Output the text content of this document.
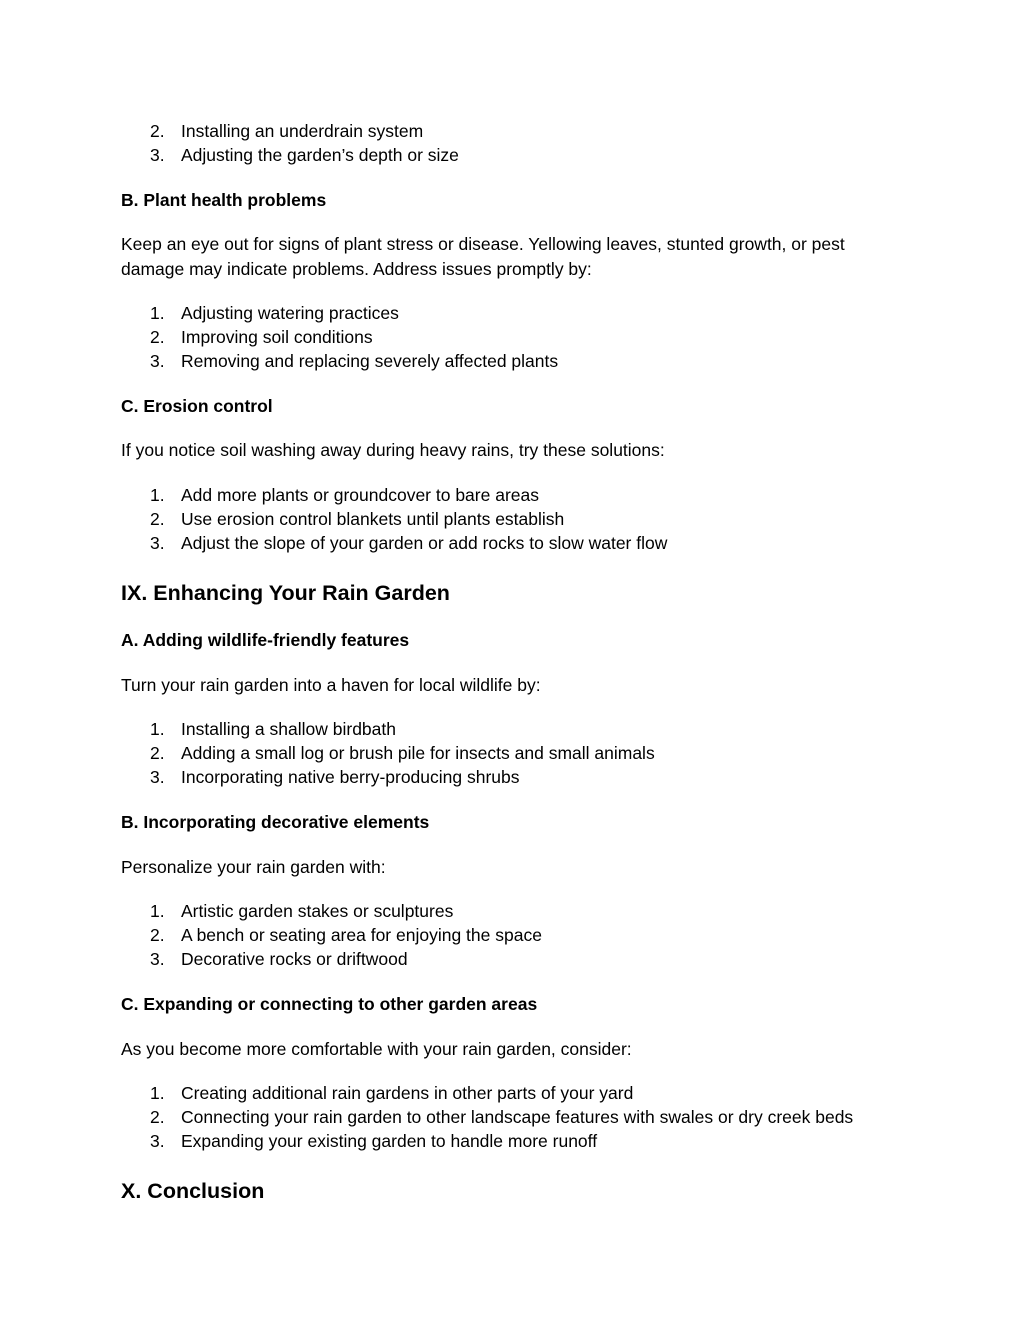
2. Installing an underdrain system
3. Adjusting the garden’s depth or size
B. Plant health problems
Keep an eye out for signs of plant stress or disease. Yellowing leaves, stunted growth, or pest damage may indicate problems. Address issues promptly by:
1. Adjusting watering practices
2. Improving soil conditions
3. Removing and replacing severely affected plants
C. Erosion control
If you notice soil washing away during heavy rains, try these solutions:
1. Add more plants or groundcover to bare areas
2. Use erosion control blankets until plants establish
3. Adjust the slope of your garden or add rocks to slow water flow
IX. Enhancing Your Rain Garden
A. Adding wildlife-friendly features
Turn your rain garden into a haven for local wildlife by:
1. Installing a shallow birdbath
2. Adding a small log or brush pile for insects and small animals
3. Incorporating native berry-producing shrubs
B. Incorporating decorative elements
Personalize your rain garden with:
1. Artistic garden stakes or sculptures
2. A bench or seating area for enjoying the space
3. Decorative rocks or driftwood
C. Expanding or connecting to other garden areas
As you become more comfortable with your rain garden, consider:
1. Creating additional rain gardens in other parts of your yard
2. Connecting your rain garden to other landscape features with swales or dry creek beds
3. Expanding your existing garden to handle more runoff
X. Conclusion
